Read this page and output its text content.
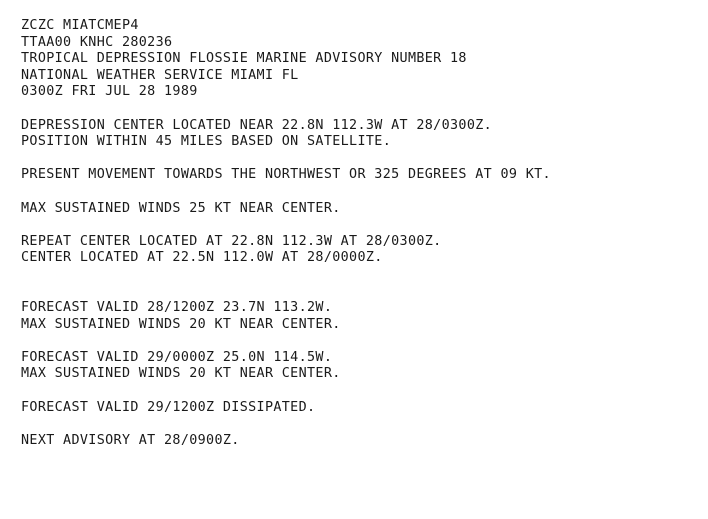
ZCZC MIATCMEP4
TTAA00 KNHC 280236
TROPICAL DEPRESSION FLOSSIE MARINE ADVISORY NUMBER 18
NATIONAL WEATHER SERVICE MIAMI FL
0300Z FRI JUL 28 1989
DEPRESSION CENTER LOCATED NEAR 22.8N 112.3W AT 28/0300Z.
POSITION WITHIN 45 MILES BASED ON SATELLITE.
PRESENT MOVEMENT TOWARDS THE NORTHWEST OR 325 DEGREES AT 09 KT.
MAX SUSTAINED WINDS 25 KT NEAR CENTER.
REPEAT CENTER LOCATED AT 22.8N 112.3W AT 28/0300Z.
CENTER LOCATED AT 22.5N 112.0W AT 28/0000Z.
FORECAST VALID 28/1200Z 23.7N 113.2W.
MAX SUSTAINED WINDS 20 KT NEAR CENTER.
FORECAST VALID 29/0000Z 25.0N 114.5W.
MAX SUSTAINED WINDS 20 KT NEAR CENTER.
FORECAST VALID 29/1200Z DISSIPATED.
NEXT ADVISORY AT 28/0900Z.
